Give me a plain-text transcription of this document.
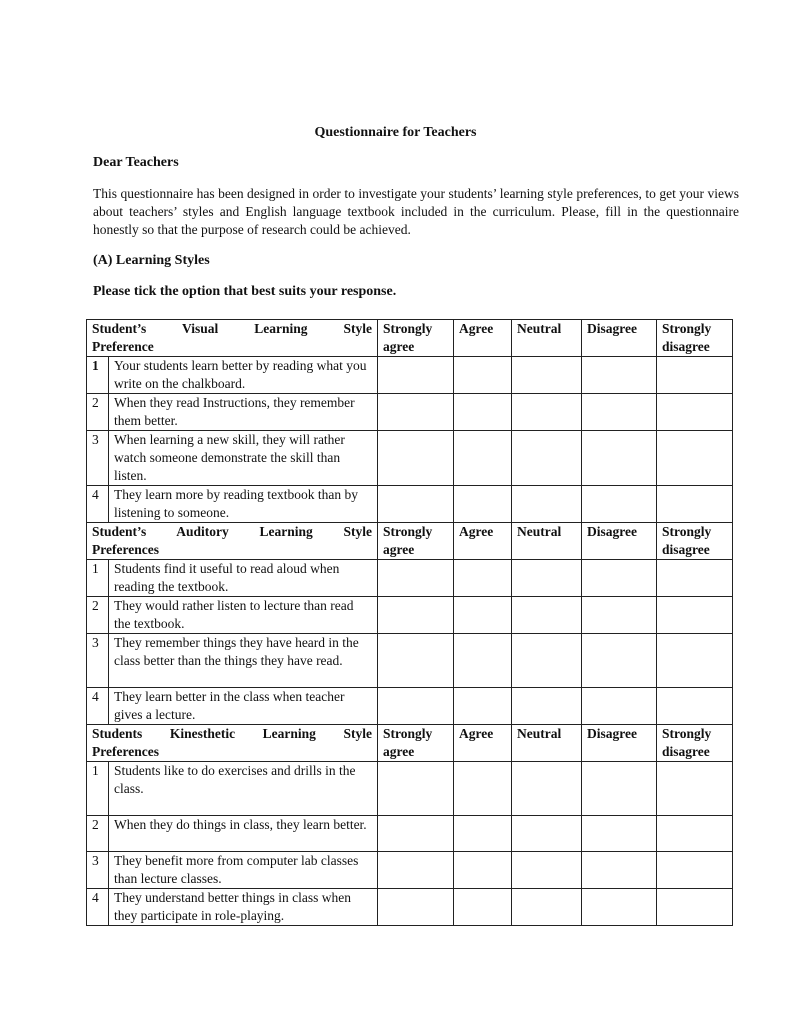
Questionnaire for Teachers
Dear Teachers
This questionnaire has been designed in order to investigate your students’ learning style preferences, to get your views about teachers’ styles and English language textbook included in the curriculum. Please, fill in the questionnaire honestly so that the purpose of research could be achieved.
(A) Learning Styles
Please tick the option that best suits your response.
Student’s Visual Learning Style
Preference		Strongly agree	Agree	Neutral	Disagree	Strongly disagree
1	Your students learn better by reading what you write on the chalkboard.					
2	When they read Instructions, they remember them better.					
3	When learning a new skill, they will rather watch someone demonstrate the skill than listen.					
4	They learn more by reading textbook than by listening to someone.					

Student’s Auditory Learning Style
Preferences		Strongly agree	Agree	Neutral	Disagree	Strongly disagree
1	Students find it useful to read aloud when reading the textbook.					
2	They would rather listen to lecture than read the textbook.					
3	They remember things they have heard in the class better than the things they have read.					
4	They learn better in the class when teacher gives a lecture.					

Students Kinesthetic Learning Style
Preferences		Strongly agree	Agree	Neutral	Disagree	Strongly disagree
1	Students like to do exercises and drills in the class.					
2	When they do things in class, they learn better.					
3	They benefit more from computer lab classes than lecture classes.					
4	They understand better things in class when they participate in role-playing.					
